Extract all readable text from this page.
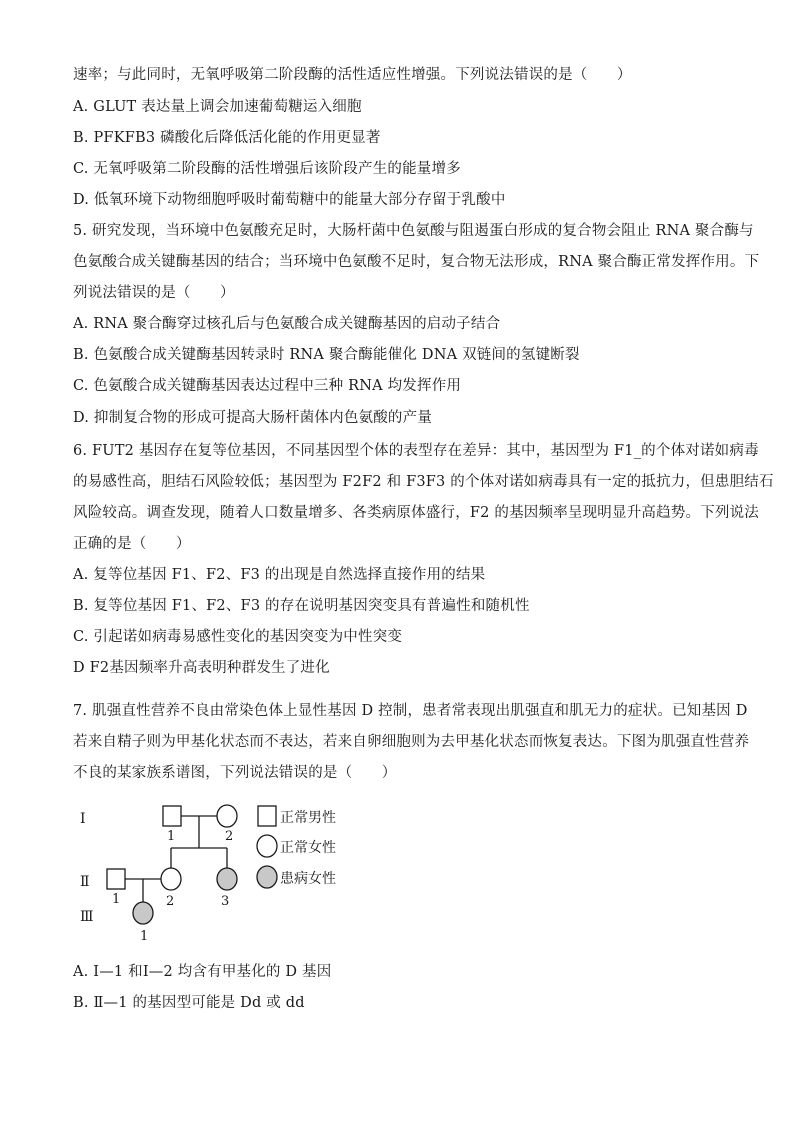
速率；与此同时，无氧呼吸第二阶段酶的活性适应性增强。下列说法错误的是（　　）
A. GLUT 表达量上调会加速葡萄糖运入细胞
B. PFKFB3 磷酸化后降低活化能的作用更显著
C. 无氧呼吸第二阶段酶的活性增强后该阶段产生的能量增多
D. 低氧环境下动物细胞呼吸时葡萄糖中的能量大部分存留于乳酸中
5. 研究发现，当环境中色氨酸充足时，大肠杆菌中色氨酸与阻遏蛋白形成的复合物会阻止 RNA 聚合酶与
色氨酸合成关键酶基因的结合；当环境中色氨酸不足时，复合物无法形成，RNA 聚合酶正常发挥作用。下
列说法错误的是（　　）
A. RNA 聚合酶穿过核孔后与色氨酸合成关键酶基因的启动子结合
B. 色氨酸合成关键酶基因转录时 RNA 聚合酶能催化 DNA 双链间的氢键断裂
C. 色氨酸合成关键酶基因表达过程中三种 RNA 均发挥作用
D. 抑制复合物的形成可提高大肠杆菌体内色氨酸的产量
6. FUT2 基因存在复等位基因，不同基因型个体的表型存在差异：其中，基因型为 F1_的个体对诺如病毒
的易感性高，胆结石风险较低；基因型为 F2F2 和 F3F3 的个体对诺如病毒具有一定的抵抗力，但患胆结石
风险较高。调查发现，随着人口数量增多、各类病原体盛行，F2 的基因频率呈现明显升高趋势。下列说法
正确的是（　　）
A. 复等位基因 F1、F2、F3 的出现是自然选择直接作用的结果
B. 复等位基因 F1、F2、F3 的存在说明基因突变具有普遍性和随机性
C. 引起诺如病毒易感性变化的基因突变为中性突变
D F2基因频率升高表明种群发生了进化
7. 肌强直性营养不良由常染色体上显性基因 D 控制，患者常表现出肌强直和肌无力的症状。已知基因 D
若来自精子则为甲基化状态而不表达，若来自卵细胞则为去甲基化状态而恢复表达。下图为肌强直性营养
不良的某家族系谱图，下列说法错误的是（　　）
Ⅰ
Ⅱ
Ⅲ
1	2
1	2	3
1
正常男性
正常女性
患病女性
A. Ⅰ—1 和Ⅰ—2 均含有甲基化的 D 基因
B. Ⅱ—1 的基因型可能是 Dd 或 dd
